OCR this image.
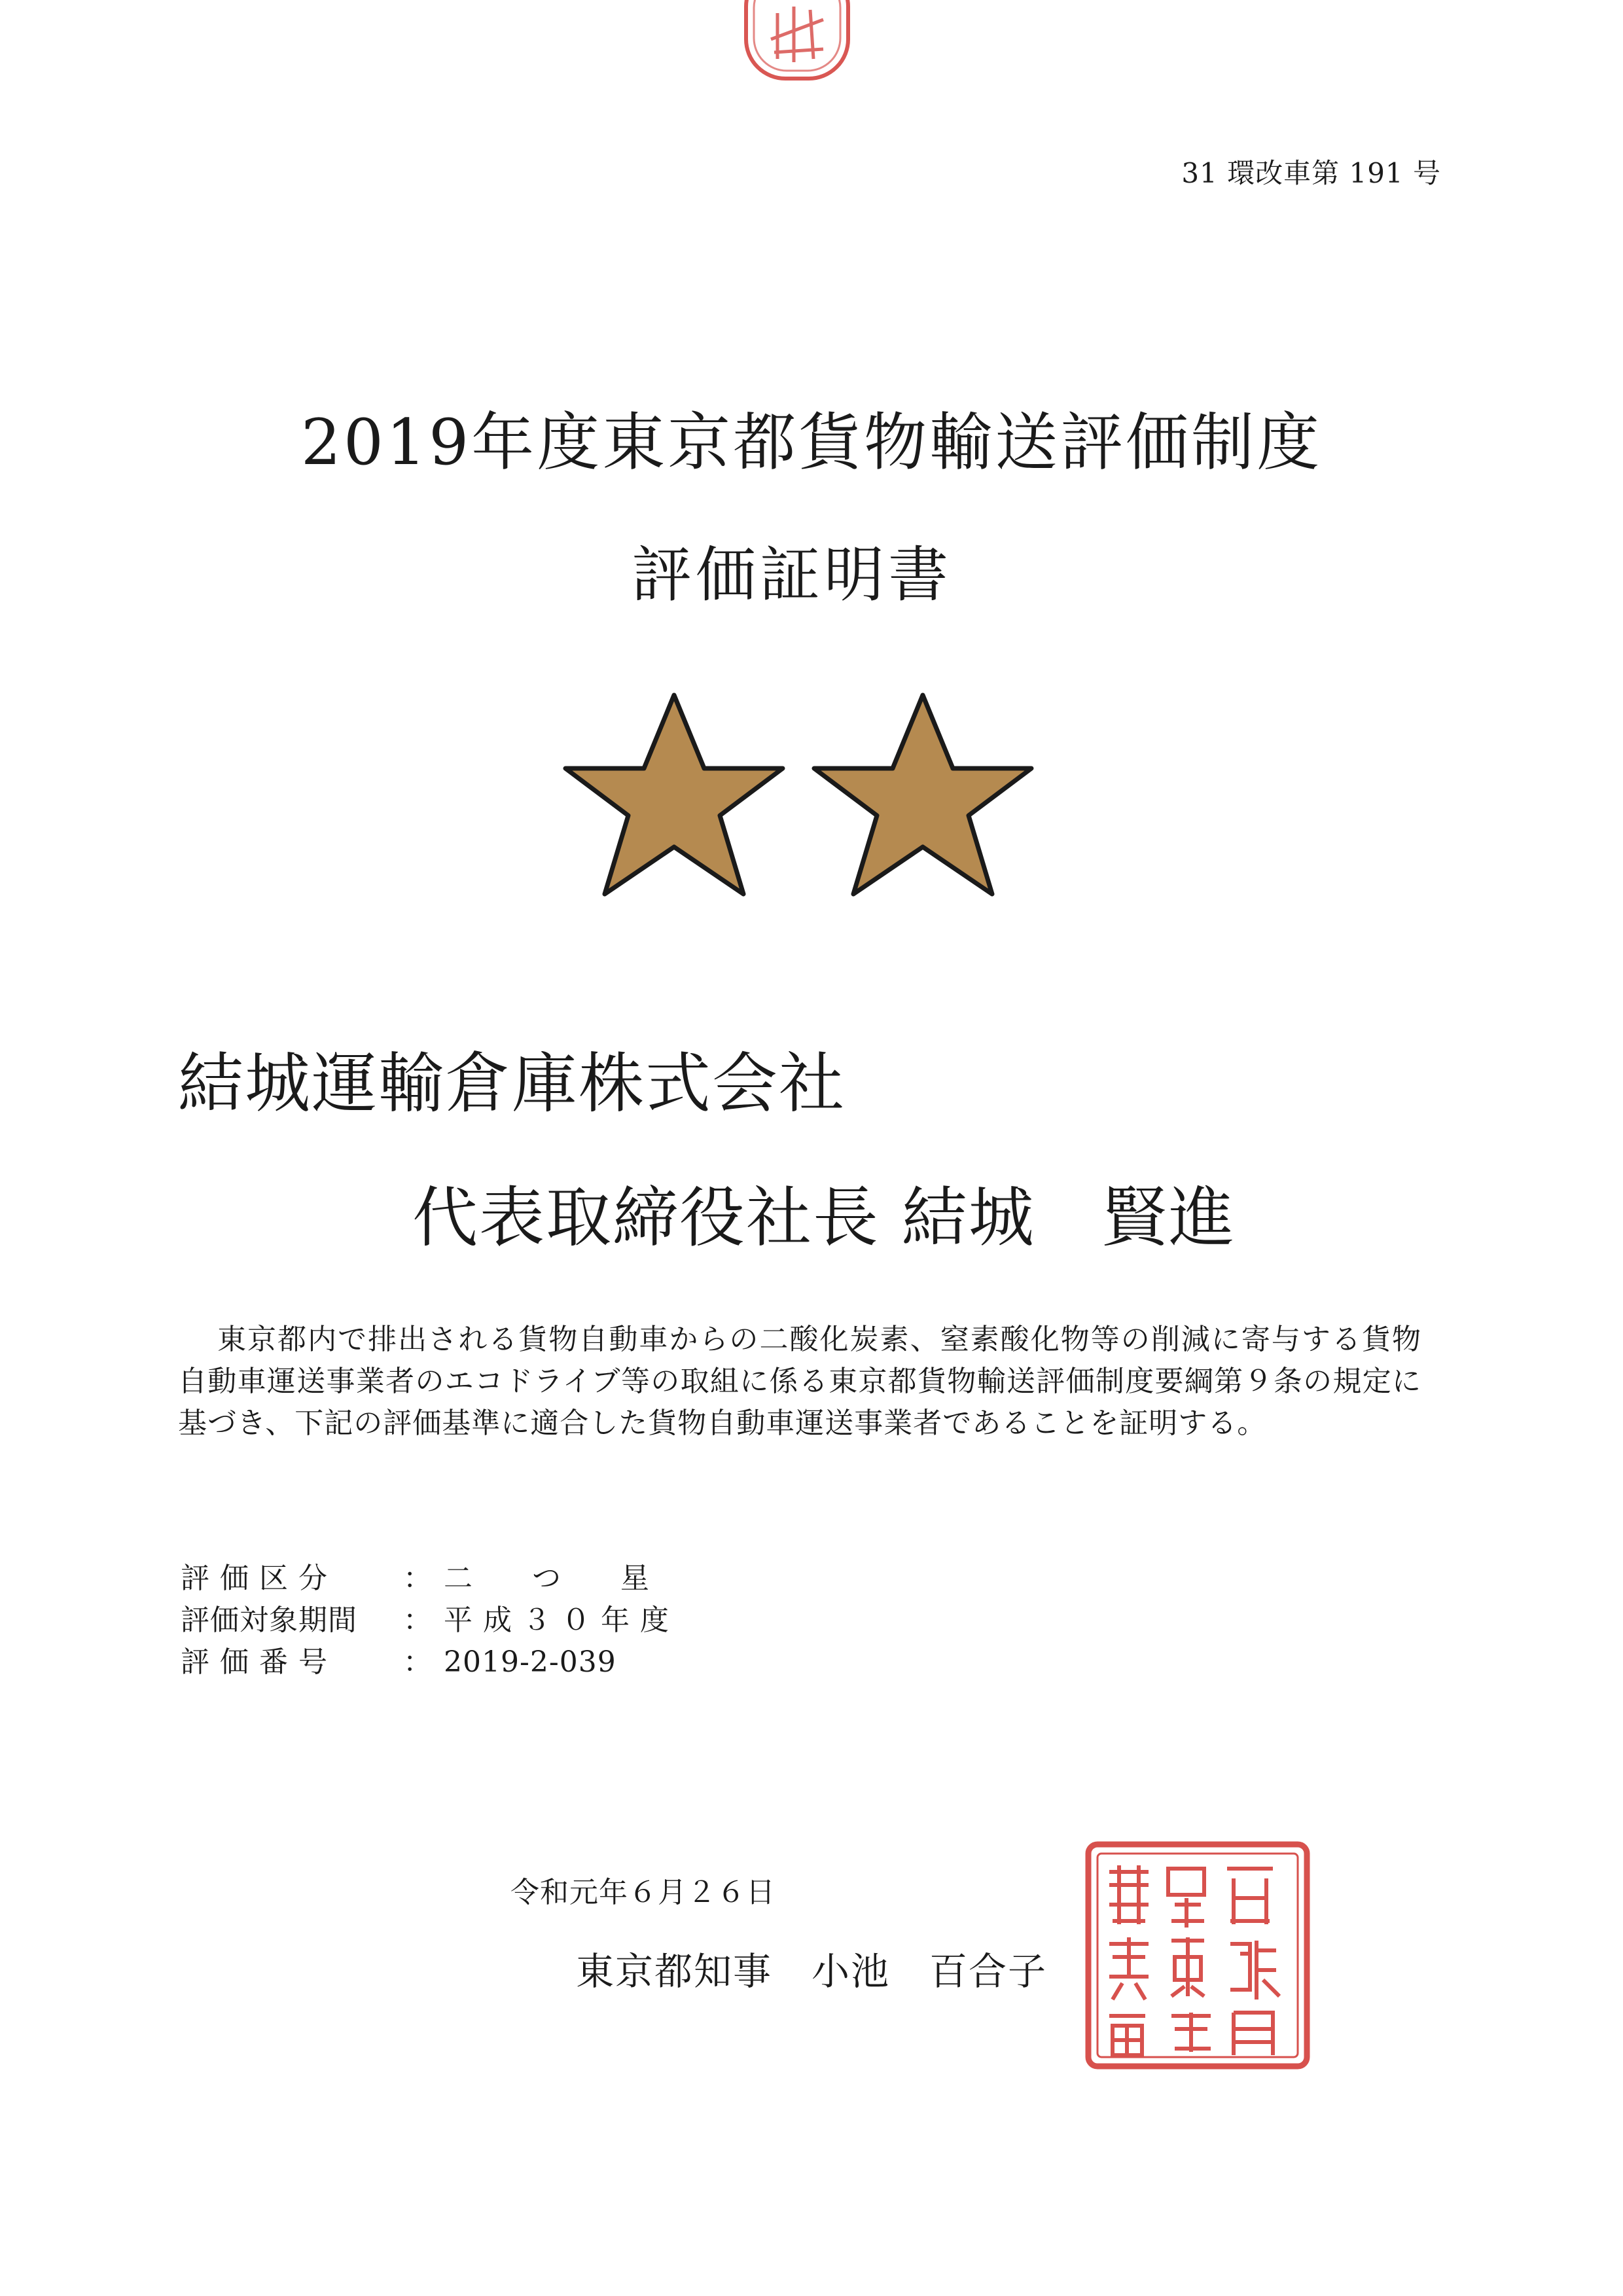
31 環改車第 191 号
2019年度東京都貨物輸送評価制度
評価証明書
結城運輸倉庫株式会社
代表取締役社長 結城　賢進
東京都内で排出される貨物自動車からの二酸化炭素、窒素酸化物等の削減に寄与する貨物自動車運送事業者のエコドライブ等の取組に係る東京都貨物輸送評価制度要綱第９条の規定に基づき、下記の評価基準に適合した貨物自動車運送事業者であることを証明する。
評 価 区 分	： 二　　つ　　星
評価対象期間	： 平 成 ３ ０ 年 度
評 価 番 号	： 2019-2-039
令和元年６月２６日
東京都知事　小池　百合子
